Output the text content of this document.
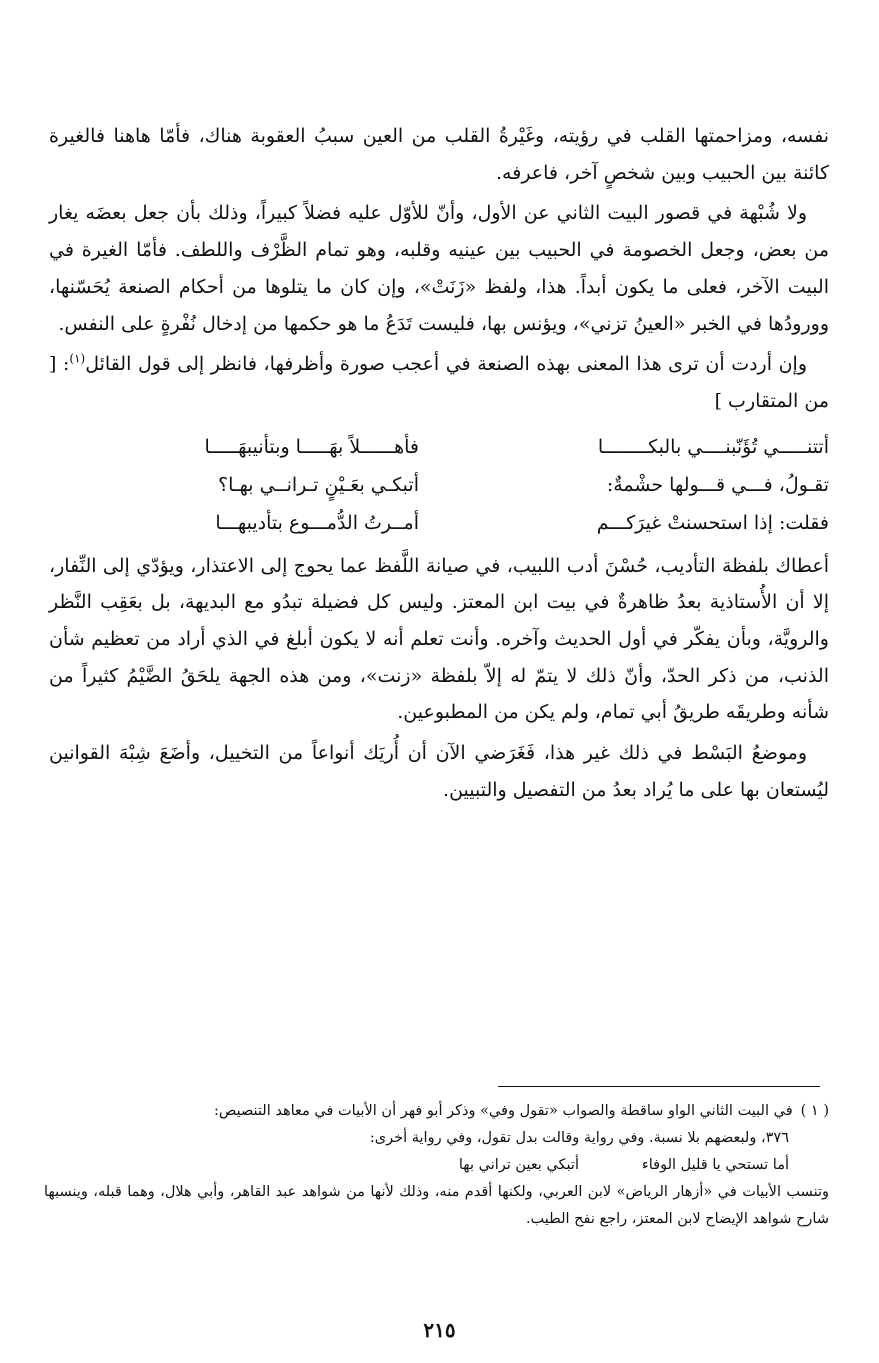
نفسه، ومزاحمتها القلب في رؤيته، وغَيْرةُ القلب من العين سببُ العقوبة هناك، فأمّا هاهنا فالغيرة كائنة بين الحبيب وبين شخصٍ آخر، فاعرفه.

ولا شُبْهة في قصور البيت الثاني عن الأول، وأنّ للأوّل عليه فضلاً كبيراً، وذلك بأن جعل بعضَه يغار من بعض، وجعل الخصومة في الحبيب بين عينيه وقلبه، وهو تمام الظَّرْف واللطف. فأمّا الغيرة في البيت الآخر، فعلى ما يكون أبداً. هذا، ولفظ «زَنَتْ»، وإن كان ما يتلوها من أحكام الصنعة يُحَسّنها، وورودُها في الخبر «العينُ تزني»، ويؤنس بها، فليست تَدَعُ ما هو حكمها من إدخال نُفْرةٍ على النفس.

وإن أردت أن ترى هذا المعنى بهذه الصنعة في أعجب صورة وأظرفها، فانظر إلى قول القائل$^{(١)}$: [ من المتقارب ]

أتتنـــــي تُؤَنّبنــــي بالبكــــــــا
فأهــــــلاً بهَـــــا وبتأنيبهَـــــا
تقـولُ، فـــي قـــولها حشْمةٌ:
أتبكـي بعَـيْنٍ تـرانــي بهـا؟
فقلت: إذا استحسنتْ غيرَكـــم
أمــرتُ الدُّمـــوع بتأديبهـــا

أعطاك بلفظة التأديب، حُسْنَ أدب اللبيب، في صيانة اللَّفظ عما يحوج إلى الاعتذار، ويؤدّي إلى النِّفار، إلا أن الأُستاذية بعدُ ظاهرةٌ في بيت ابن المعتز. وليس كل فضيلة تبدُو مع البديهة، بل بعَقِب النَّظر والرويَّة، وبأن يفكّر في أول الحديث وآخره. وأنت تعلم أنه لا يكون أبلغ في الذي أراد من تعظيم شأن الذنب، من ذكر الحدّ، وأنّ ذلك لا يتمّ له إلاّ بلفظة «زنت»، ومن هذه الجهة يلحَقُ الضَّيْمُ كثيراً من شأنه وطريقَه طريقُ أبي تمام، ولم يكن من المطبوعين.

وموضعُ البَسْط في ذلك غير هذا، فَغَرَضي الآن أن أُريَك أنواعاً من التخييل، وأضَعَ شِبْهَ القوانين ليُستعان بها على ما يُراد بعدُ من التفصيل والتبيين.

( ١ )في البيت الثاني الواو ساقطة والصواب «تقول وفي» وذكر أبو فهر أن الأبيات في معاهد التنصيص:

٣٧٦، ولبعضهم بلا نسبة. وفي رواية وقالت بدل تقول، وفي رواية أخرى:

أما تستحي يا قليل الوفاء
أتبكي بعين تراني بها

وتنسب الأبيات في «أزهار الرياض» لابن العربي، ولكنها أقدم منه، وذلك لأنها من شواهد عبد القاهر، وأبي هلال، وهما قبله، وينسبها شارح شواهد الإيضاح لابن المعتز، راجع نفح الطيب.

٢١٥
